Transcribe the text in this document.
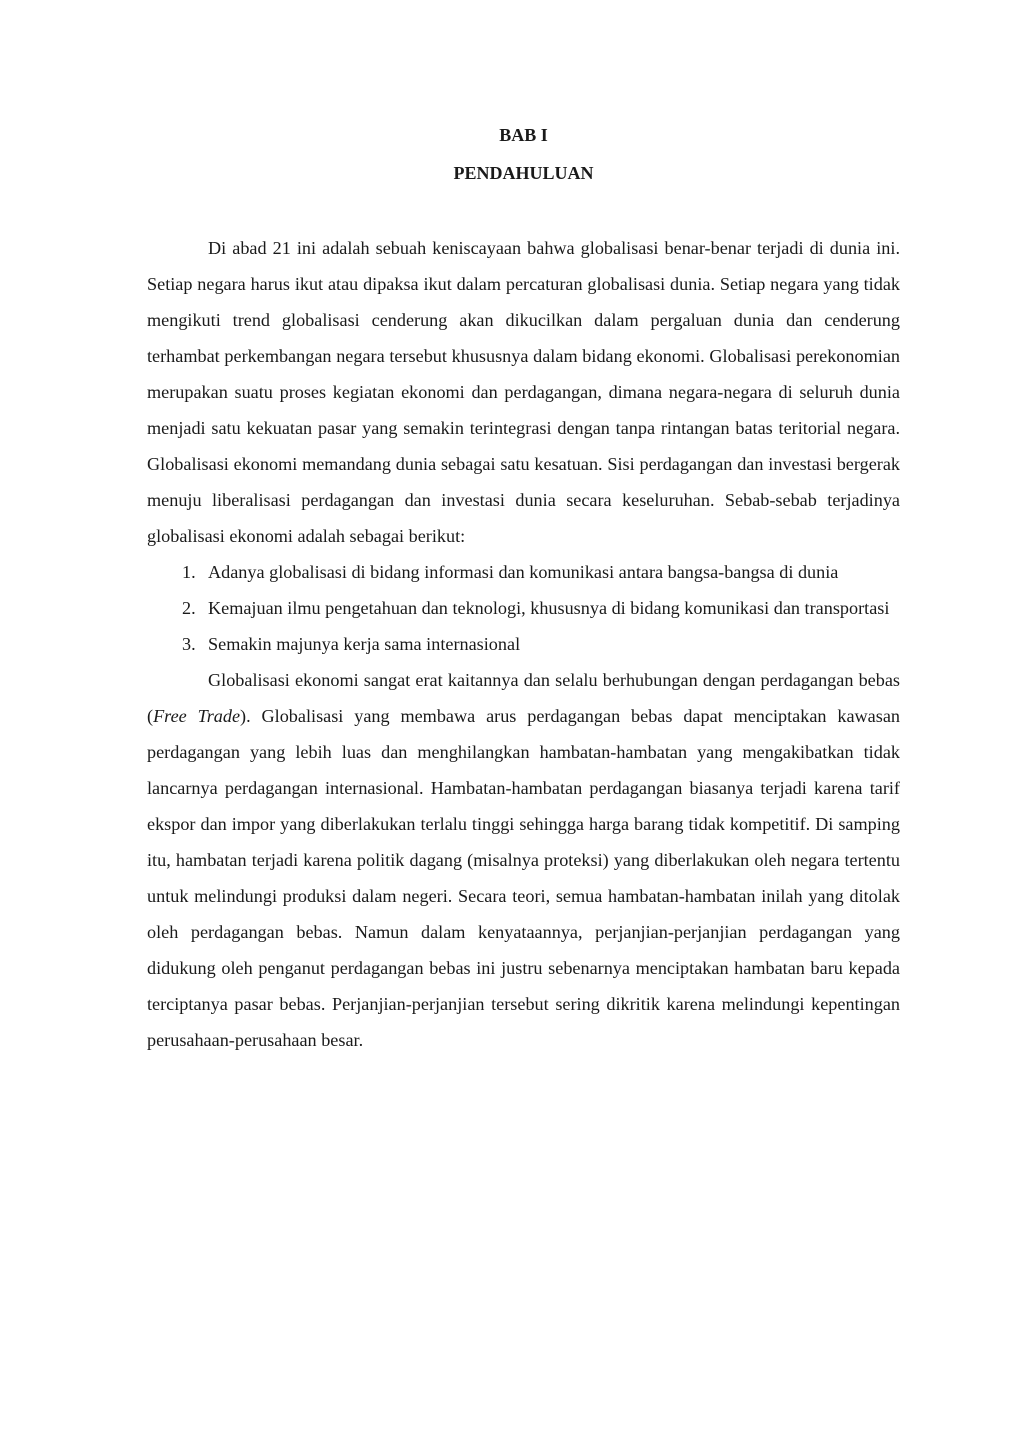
BAB I
PENDAHULUAN

Di abad 21 ini adalah sebuah keniscayaan bahwa globalisasi benar-benar terjadi di dunia ini. Setiap negara harus ikut atau dipaksa ikut dalam percaturan globalisasi dunia. Setiap negara yang tidak mengikuti trend globalisasi cenderung akan dikucilkan dalam pergaluan dunia dan cenderung terhambat perkembangan negara tersebut khususnya dalam bidang ekonomi. Globalisasi perekonomian merupakan suatu proses kegiatan ekonomi dan perdagangan, dimana negara-negara di seluruh dunia menjadi satu kekuatan pasar yang semakin terintegrasi dengan tanpa rintangan batas teritorial negara. Globalisasi ekonomi memandang dunia sebagai satu kesatuan. Sisi perdagangan dan investasi bergerak menuju liberalisasi perdagangan dan investasi dunia secara keseluruhan. Sebab-sebab terjadinya globalisasi ekonomi adalah sebagai berikut:

1. Adanya globalisasi di bidang informasi dan komunikasi antara bangsa-bangsa di dunia
2. Kemajuan ilmu pengetahuan dan teknologi, khususnya di bidang komunikasi dan transportasi
3. Semakin majunya kerja sama internasional

Globalisasi ekonomi sangat erat kaitannya dan selalu berhubungan dengan perdagangan bebas (Free Trade). Globalisasi yang membawa arus perdagangan bebas dapat menciptakan kawasan perdagangan yang lebih luas dan menghilangkan hambatan-hambatan yang mengakibatkan tidak lancarnya perdagangan internasional. Hambatan-hambatan perdagangan biasanya terjadi karena tarif ekspor dan impor yang diberlakukan terlalu tinggi sehingga harga barang tidak kompetitif. Di samping itu, hambatan terjadi karena politik dagang (misalnya proteksi) yang diberlakukan oleh negara tertentu untuk melindungi produksi dalam negeri. Secara teori, semua hambatan-hambatan inilah yang ditolak oleh perdagangan bebas. Namun dalam kenyataannya, perjanjian-perjanjian perdagangan yang didukung oleh penganut perdagangan bebas ini justru sebenarnya menciptakan hambatan baru kepada terciptanya pasar bebas. Perjanjian-perjanjian tersebut sering dikritik karena melindungi kepentingan perusahaan-perusahaan besar.
